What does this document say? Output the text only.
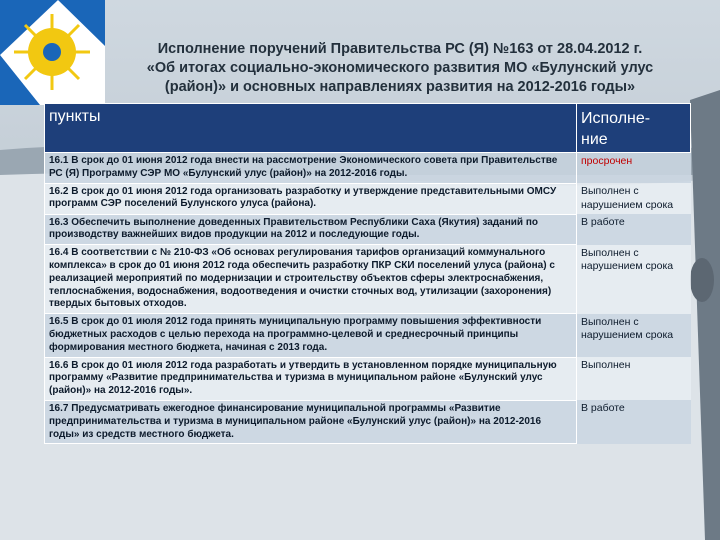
Исполнение поручений Правительства РС (Я) №163 от 28.04.2012 г.
«Об итогах социально-экономического развития МО «Булунский улус
(район)» и основных направлениях развития на 2012-2016 годы»
пункты	Исполне-
ние
16.1 В срок до 01 июня 2012 года внести на рассмотрение Экономического совета при Правительстве РС (Я) Программу СЭР МО «Булунский улус (район)» на 2012-2016 годы.	просрочен
16.2 В срок до 01 июня 2012 года организовать разработку и утверждение представительными ОМСУ программ СЭР поселений Булунского улуса (района).	Выполнен с нарушением срока
16.3 Обеспечить выполнение доведенных Правительством Республики Саха (Якутия) заданий по производству важнейших видов продукции на 2012 и последующие годы.	В работе
16.4 В соответствии с № 210-ФЗ «Об основах регулирования тарифов организаций коммунального комплекса» в срок до 01 июня 2012 года обеспечить разработку ПКР СКИ поселений улуса (района) с реализацией мероприятий по модернизации и строительству объектов сферы электроснабжения, теплоснабжения, водоснабжения, водоотведения и очистки сточных вод, утилизации (захоронения) твердых бытовых отходов.	Выполнен с нарушением срока
16.5 В срок до 01 июля 2012 года принять муниципальную программу повышения эффективности бюджетных расходов с целью перехода на программно-целевой и среднесрочный принципы формирования местного бюджета, начиная с 2013 года.	Выполнен с нарушением срока
16.6 В срок до 01 июля 2012 года разработать и утвердить в установленном порядке муниципальную программу «Развитие предпринимательства и туризма в муниципальном районе «Булунский улус (район)» на 2012-2016 годы».	Выполнен
16.7 Предусматривать ежегодное финансирование муниципальной программы «Развитие предпринимательства и туризма в муниципальном районе «Булунский улус (район)» на 2012-2016 годы» из средств местного бюджета.	В работе
